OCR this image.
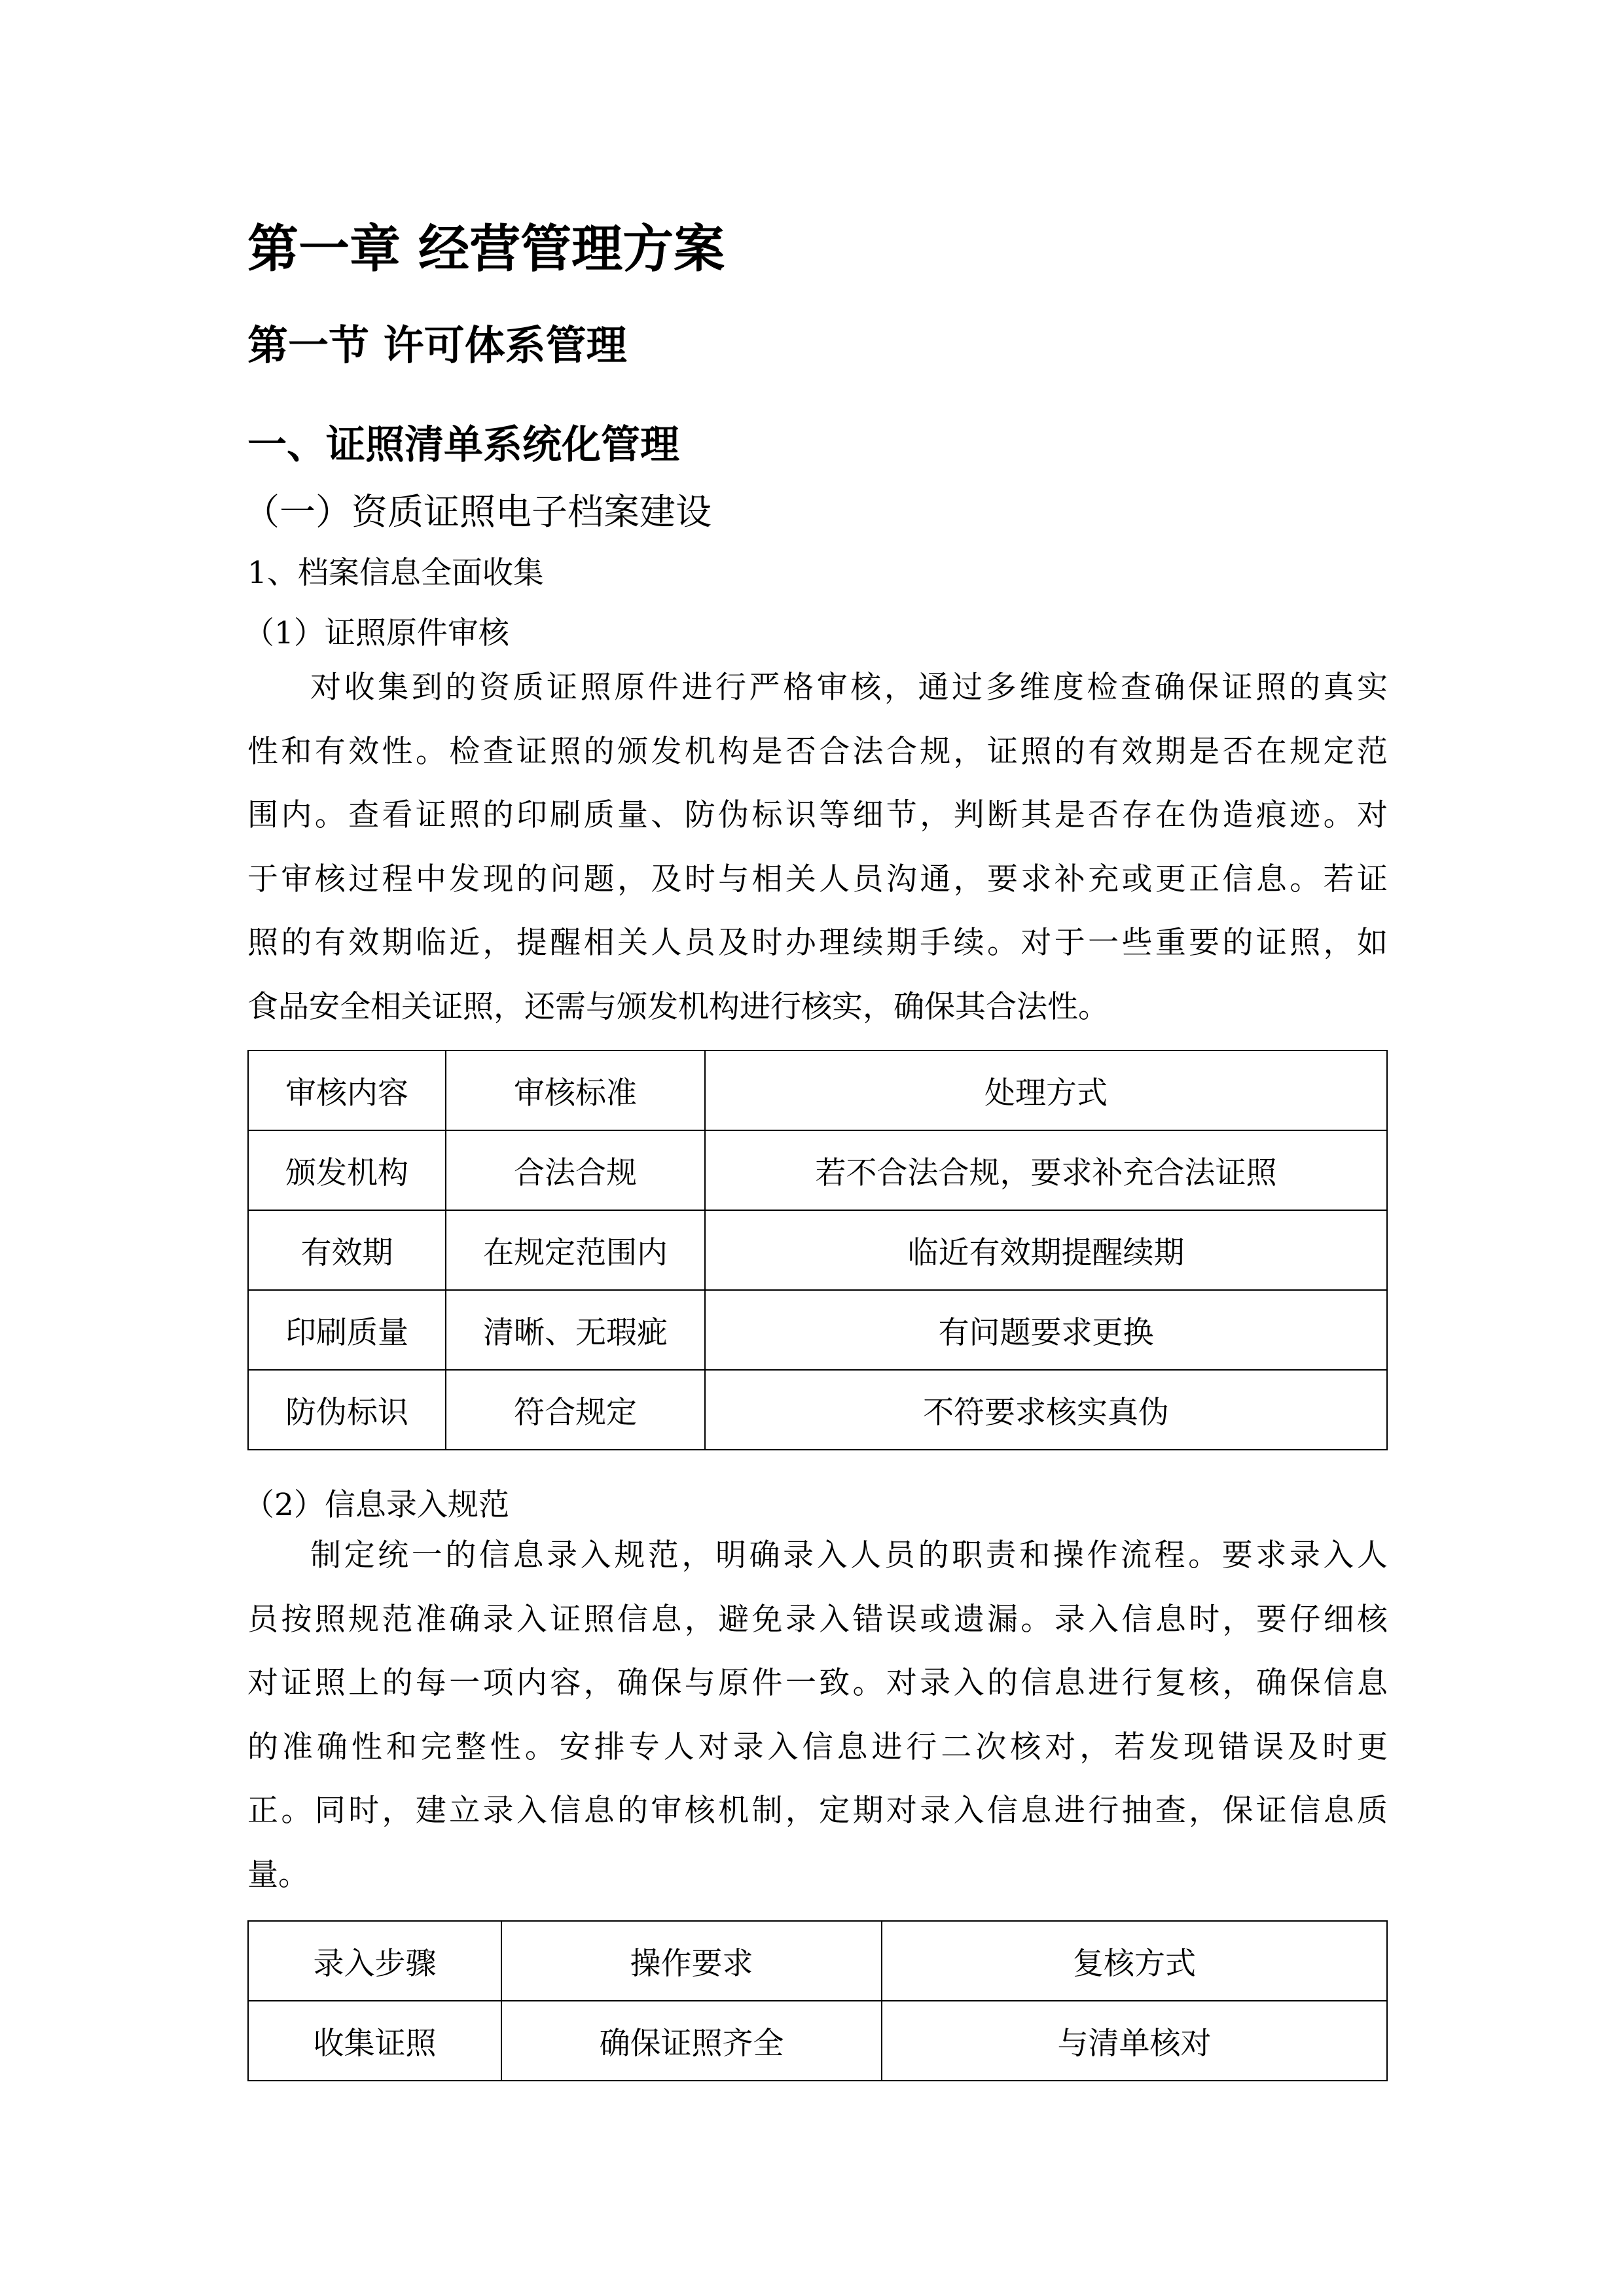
第一章 经营管理方案
第一节 许可体系管理
一、证照清单系统化管理
（一）资质证照电子档案建设
1、档案信息全面收集
（1）证照原件审核
对收集到的资质证照原件进行严格审核，通过多维度检查确保证照的真实
性和有效性。检查证照的颁发机构是否合法合规，证照的有效期是否在规定范
围内。查看证照的印刷质量、防伪标识等细节，判断其是否存在伪造痕迹。对
于审核过程中发现的问题，及时与相关人员沟通，要求补充或更正信息。若证
照的有效期临近，提醒相关人员及时办理续期手续。对于一些重要的证照，如
食品安全相关证照，还需与颁发机构进行核实，确保其合法性。
审核内容	审核标准	处理方式
颁发机构	合法合规	若不合法合规，要求补充合法证照
有效期	在规定范围内	临近有效期提醒续期
印刷质量	清晰、无瑕疵	有问题要求更换
防伪标识	符合规定	不符要求核实真伪
（2）信息录入规范
制定统一的信息录入规范，明确录入人员的职责和操作流程。要求录入人
员按照规范准确录入证照信息，避免录入错误或遗漏。录入信息时，要仔细核
对证照上的每一项内容，确保与原件一致。对录入的信息进行复核，确保信息
的准确性和完整性。安排专人对录入信息进行二次核对，若发现错误及时更
正。同时，建立录入信息的审核机制，定期对录入信息进行抽查，保证信息质
量。
录入步骤	操作要求	复核方式
收集证照	确保证照齐全	与清单核对
